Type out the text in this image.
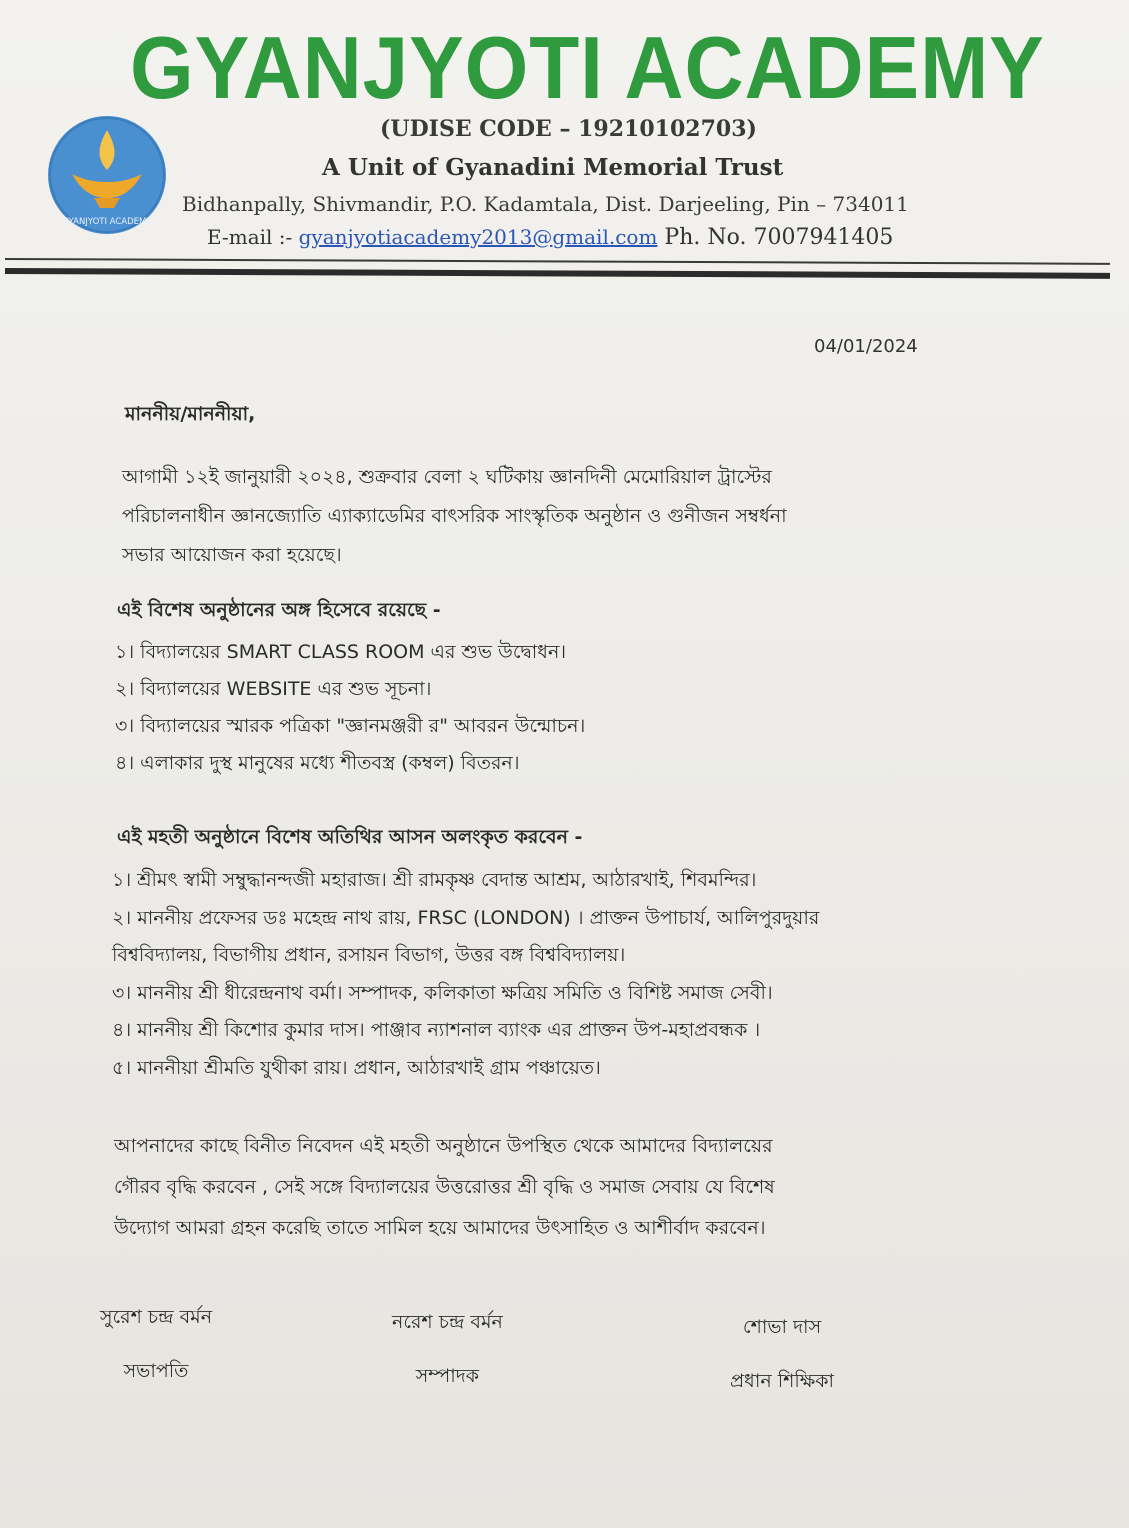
GYANJYOTI ACADEMY
GYANJYOTI ACADEMY
(UDISE CODE – 19210102703)
A Unit of Gyanadini Memorial Trust
Bidhanpally, Shivmandir, P.O. Kadamtala, Dist. Darjeeling, Pin – 734011
E-mail :- gyanjyotiacademy2013@gmail.com Ph. No. 7007941405
04/01/2024
মাননীয়/মাননীয়া,
আগামী ১২ই জানুয়ারী ২০২৪, শুক্রবার বেলা ২ ঘটিকায় জ্ঞানদিনী মেমোরিয়াল ট্রাস্টের
পরিচালনাধীন জ্ঞানজ্যোতি এ্যাক্যাডেমির বাৎসরিক সাংস্কৃতিক অনুষ্ঠান ও গুনীজন সম্বর্ধনা
সভার আয়োজন করা হয়েছে।
এই বিশেষ অনুষ্ঠানের অঙ্গ হিসেবে রয়েছে -
১। বিদ্যালয়ের SMART CLASS ROOM এর শুভ উদ্বোধন।
২। বিদ্যালয়ের WEBSITE এর শুভ সূচনা।
৩। বিদ্যালয়ের স্মারক পত্রিকা "জ্ঞানমঞ্জরী র" আবরন উন্মোচন।
৪। এলাকার দুস্থ মানুষের মধ্যে শীতবস্ত্র (কম্বল) বিতরন।
এই মহতী অনুষ্ঠানে বিশেষ অতিথির আসন অলংকৃত করবেন -
১। শ্রীমৎ স্বামী সম্বুদ্ধানন্দজী মহারাজ। শ্রী রামকৃষ্ণ বেদান্ত আশ্রম, আঠারখাই, শিবমন্দির।
২। মাননীয় প্রফেসর ডঃ মহেন্দ্র নাথ রায়, FRSC (LONDON) । প্রাক্তন উপাচার্য, আলিপুরদুয়ার
বিশ্ববিদ্যালয়, বিভাগীয় প্রধান, রসায়ন বিভাগ, উত্তর বঙ্গ বিশ্ববিদ্যালয়।
৩। মাননীয় শ্রী ধীরেন্দ্রনাথ বর্মা। সম্পাদক, কলিকাতা ক্ষত্রিয় সমিতি ও বিশিষ্ট সমাজ সেবী।
৪। মাননীয় শ্রী কিশোর কুমার দাস। পাঞ্জাব ন্যাশনাল ব্যাংক এর প্রাক্তন উপ-মহাপ্রবন্ধক ।
৫। মাননীয়া শ্রীমতি যুথীকা রায়। প্রধান, আঠারখাই গ্রাম পঞ্চায়েত।
আপনাদের কাছে বিনীত নিবেদন এই মহতী অনুষ্ঠানে উপস্থিত থেকে আমাদের বিদ্যালয়ের
গৌরব বৃদ্ধি করবেন , সেই সঙ্গে বিদ্যালয়ের উত্তরোত্তর শ্রী বৃদ্ধি ও সমাজ সেবায় যে বিশেষ
উদ্যোগ আমরা গ্রহন করেছি তাতে সামিল হয়ে আমাদের উৎসাহিত ও আশীর্বাদ করবেন।
সুরেশ চন্দ্র বর্মন
সভাপতি
নরেশ চন্দ্র বর্মন
সম্পাদক
শোভা দাস
প্রধান শিক্ষিকা
